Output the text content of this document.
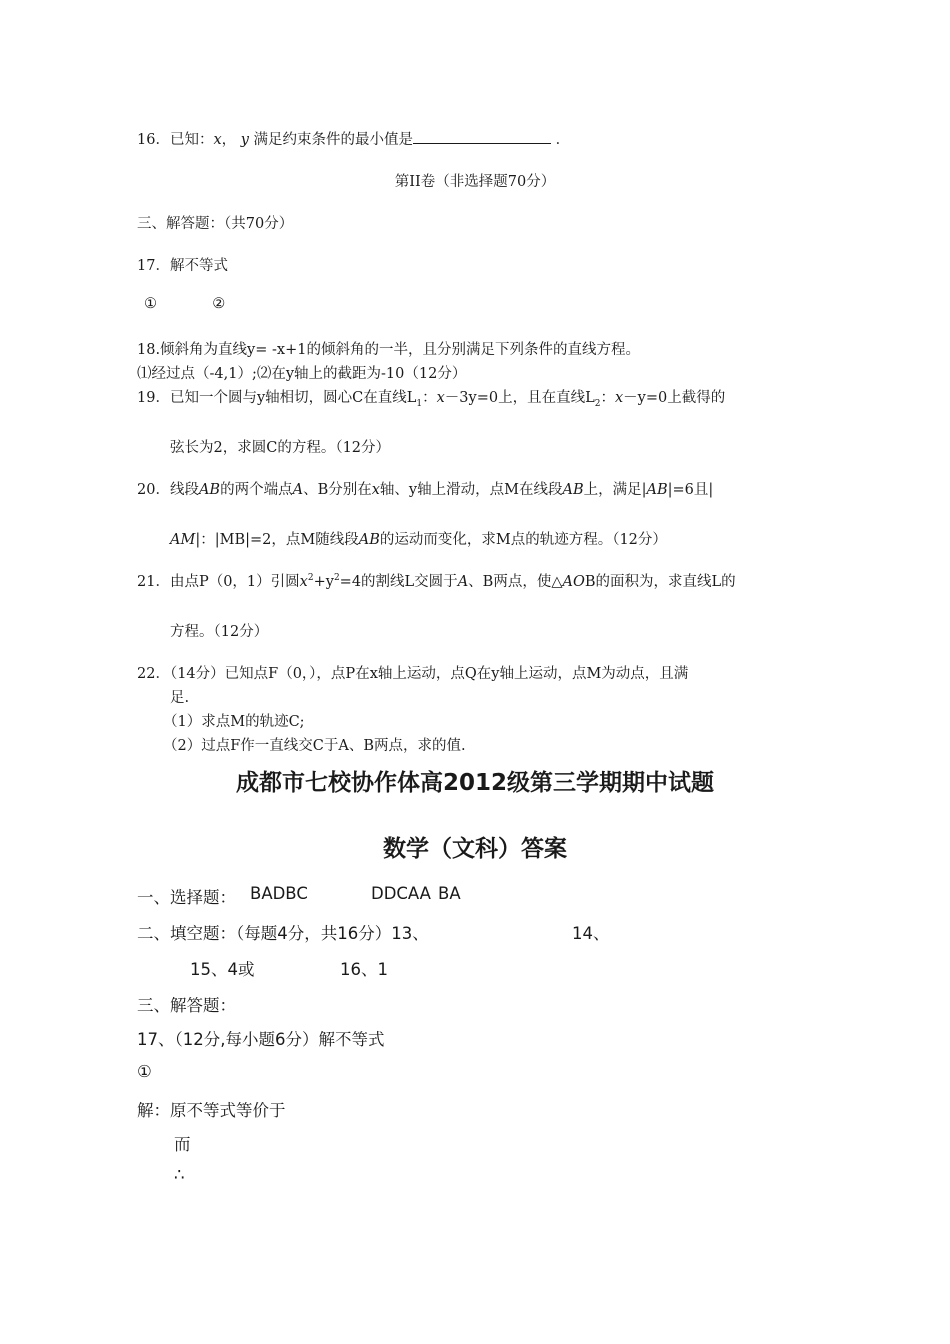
16．已知：x， y 满足约束条件的最小值是	．
第II卷（非选择题70分）
三、解答题：（共70分）
17．解不等式
①            ②
18.倾斜角为直线y= -x+1的倾斜角的一半，且分别满足下列条件的直线方程。
⑴经过点（-4,1）;⑵在y轴上的截距为-10（12分）
19．已知一个圆与y轴相切，圆心C在直线$L_1$：x－3y=0上，且在直线$L_2$：x－y=0上截得的
弦长为2，求圆C的方程。（12分）
20．线段AB的两个端点A、B分别在x轴、y轴上滑动，点M在线段AB上，满足|AB|=6且|
AM|：|MB|=2，点M随线段AB的运动而变化，求M点的轨迹方程。（12分）
21．由点P（0，1）引圆$x^2+y^2=4$的割线L交圆于A、B两点，使△AOB的面积为，求直线L的
方程。（12分）
22．（14分）已知点F（0，），点P在x轴上运动，点Q在y轴上运动，点M为动点，且满
足.
（1）求点M的轨迹C;
（2）过点F作一直线交C于A、B两点，求的值.
成都市七校协作体高2012级第三学期期中试题
数学（文科）答案
一、选择题： BADBC	DDCAA BA
二、填空题：（每题4分，共16分）13、	14、
15、4或	16、1
三、解答题：
17、（12分,每小题6分）解不等式
①
解：原不等式等价于
而
∴
